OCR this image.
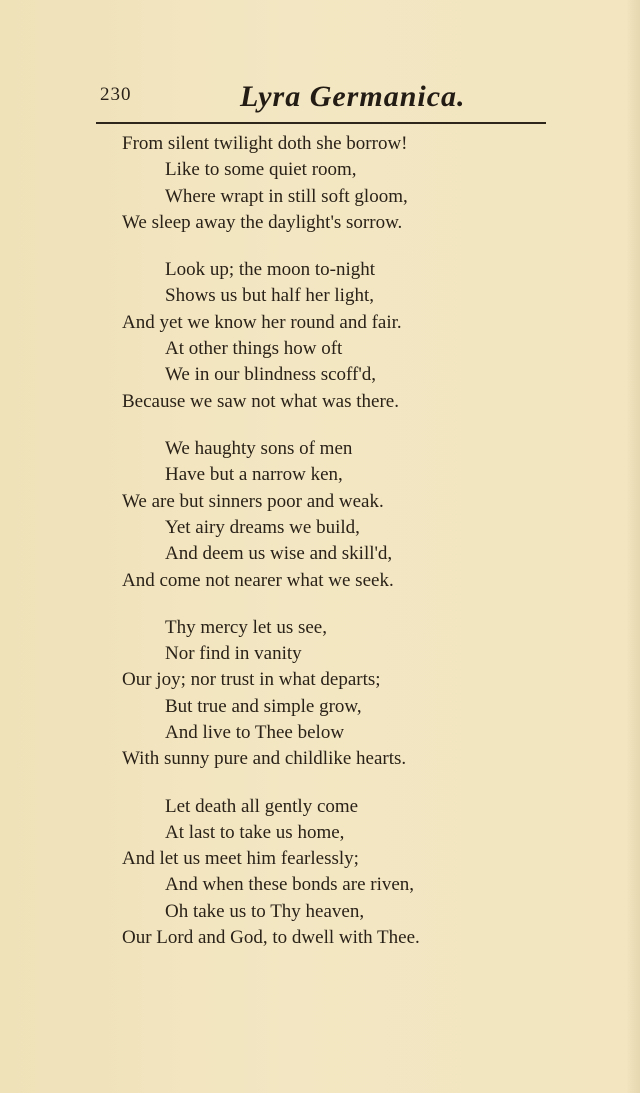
230	Lyra Germanica.
From silent twilight doth she borrow!
Like to some quiet room,
Where wrapt in still soft gloom,
We sleep away the daylight's sorrow.
Look up; the moon to-night
Shows us but half her light,
And yet we know her round and fair.
At other things how oft
We in our blindness scoff'd,
Because we saw not what was there.
We haughty sons of men
Have but a narrow ken,
We are but sinners poor and weak.
Yet airy dreams we build,
And deem us wise and skill'd,
And come not nearer what we seek.
Thy mercy let us see,
Nor find in vanity
Our joy; nor trust in what departs;
But true and simple grow,
And live to Thee below
With sunny pure and childlike hearts.
Let death all gently come
At last to take us home,
And let us meet him fearlessly;
And when these bonds are riven,
Oh take us to Thy heaven,
Our Lord and God, to dwell with Thee.
